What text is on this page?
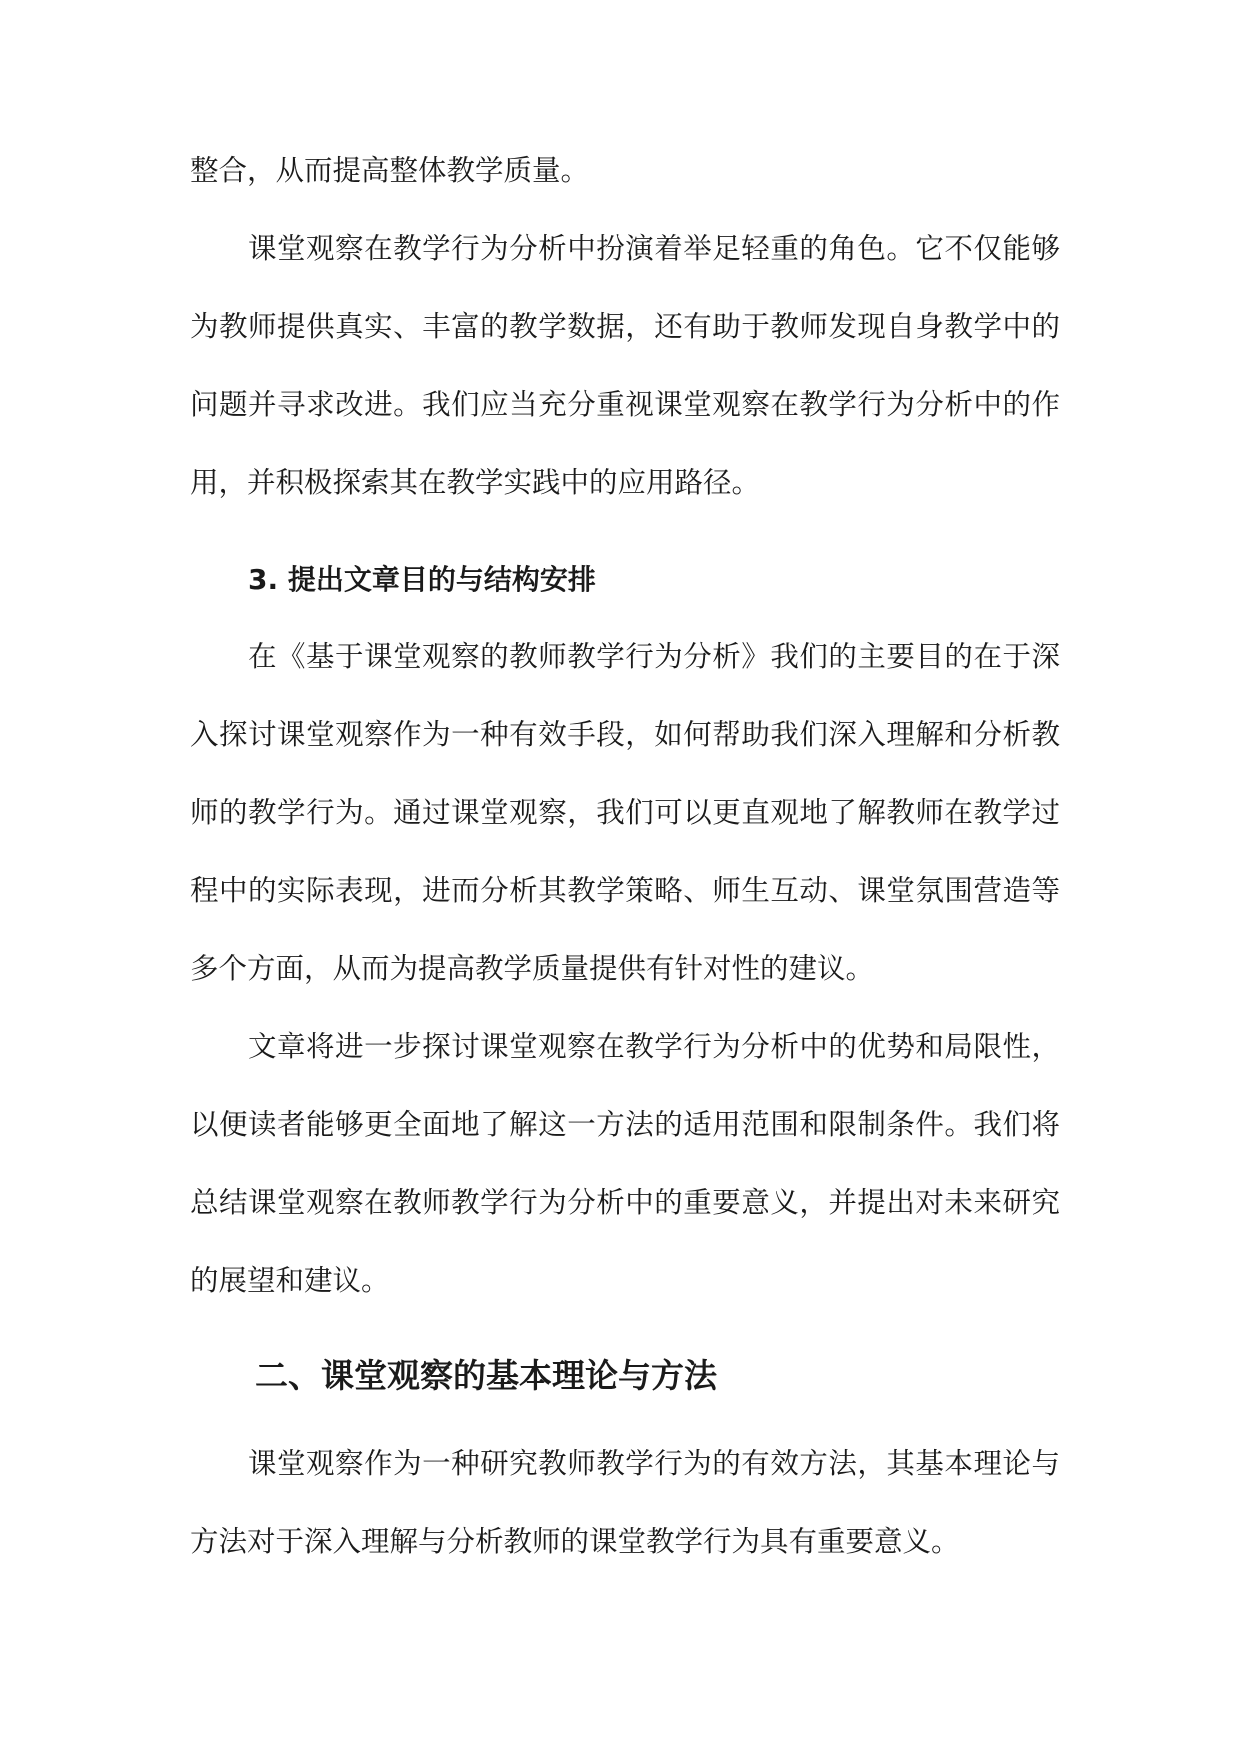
整合，从而提高整体教学质量。

课堂观察在教学行为分析中扮演着举足轻重的角色。它不仅能够为教师提供真实、丰富的教学数据，还有助于教师发现自身教学中的问题并寻求改进。我们应当充分重视课堂观察在教学行为分析中的作用，并积极探索其在教学实践中的应用路径。

3. 提出文章目的与结构安排

在《基于课堂观察的教师教学行为分析》我们的主要目的在于深入探讨课堂观察作为一种有效手段，如何帮助我们深入理解和分析教师的教学行为。通过课堂观察，我们可以更直观地了解教师在教学过程中的实际表现，进而分析其教学策略、师生互动、课堂氛围营造等多个方面，从而为提高教学质量提供有针对性的建议。

文章将进一步探讨课堂观察在教学行为分析中的优势和局限性，以便读者能够更全面地了解这一方法的适用范围和限制条件。我们将总结课堂观察在教师教学行为分析中的重要意义，并提出对未来研究的展望和建议。

二、课堂观察的基本理论与方法

课堂观察作为一种研究教师教学行为的有效方法，其基本理论与方法对于深入理解与分析教师的课堂教学行为具有重要意义。
